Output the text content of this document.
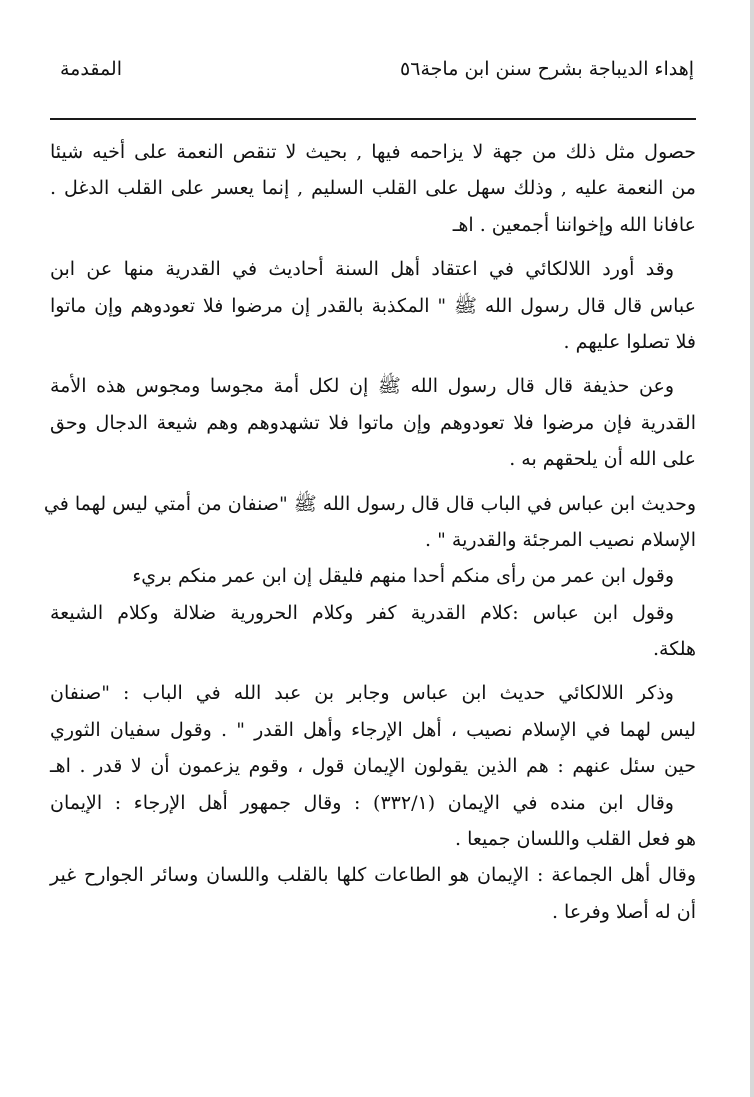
إهداء الديباجة بشرح سنن ابن ماجة
٥٦
المقدمة
حصول مثل ذلك من جهة لا يزاحمه فيها , بحيث لا تنقص النعمة على أخيه شيئا
من النعمة عليه , وذلك سهل على القلب السليم , إنما يعسر على القلب الدغل .
عافانا الله وإخواننا أجمعين . اهـ
وقد أورد اللالكائي في اعتقاد أهل السنة أحاديث في القدرية منها عن ابن
عباس قال قال رسول الله ﷺ " المكذبة بالقدر إن مرضوا فلا تعودوهم وإن ماتوا
فلا تصلوا عليهم .
وعن حذيفة قال قال رسول الله ﷺ إن لكل أمة مجوسا ومجوس هذه الأمة
القدرية فإن مرضوا فلا تعودوهم وإن ماتوا فلا تشهدوهم وهم شيعة الدجال وحق
على الله أن يلحقهم به .
وحديث ابن عباس في الباب قال قال رسول الله ﷺ "صنفان من أمتي ليس لهما في
الإسلام نصيب المرجئة والقدرية " .
وقول ابن عمر من رأى منكم أحدا منهم فليقل إن ابن عمر منكم بريء
وقول ابن عباس :كلام القدرية كفر وكلام الحرورية ضلالة وكلام الشيعة
هلكة.
وذكر اللالكائي حديث ابن عباس وجابر بن عبد الله في الباب : "صنفان
ليس لهما في الإسلام نصيب ، أهل الإرجاء وأهل القدر " . وقول سفيان الثوري
حين سئل عنهم : هم الذين يقولون الإيمان قول ، وقوم يزعمون أن لا قدر . اهـ
وقال ابن منده في الإيمان (٣٣٢/١) : وقال جمهور أهل الإرجاء : الإيمان
هو فعل القلب واللسان جميعا .
وقال أهل الجماعة : الإيمان هو الطاعات كلها بالقلب واللسان وسائر الجوارح غير
أن له أصلا وفرعا .
